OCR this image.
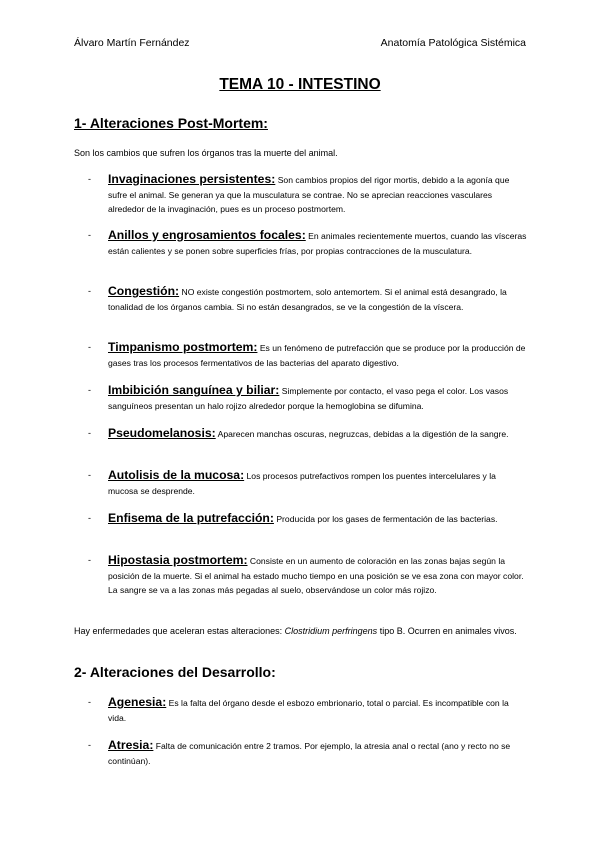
Álvaro Martín Fernández	Anatomía Patológica Sistémica
TEMA 10 - INTESTINO
1- Alteraciones Post-Mortem:
Son los cambios que sufren los órganos tras la muerte del animal.
- Invaginaciones persistentes: Son cambios propios del rigor mortis, debido a la agonía que sufre el animal. Se generan ya que la musculatura se contrae. No se aprecian reacciones vasculares alrededor de la invaginación, pues es un proceso postmortem.
- Anillos y engrosamientos focales: En animales recientemente muertos, cuando las vísceras están calientes y se ponen sobre superficies frías, por propias contracciones de la musculatura.
- Congestión: NO existe congestión postmortem, solo antemortem. Si el animal está desangrado, la tonalidad de los órganos cambia. Si no están desangrados, se ve la congestión de la víscera.
- Timpanismo postmortem: Es un fenómeno de putrefacción que se produce por la producción de gases tras los procesos fermentativos de las bacterias del aparato digestivo.
- Imbibición sanguínea y biliar: Simplemente por contacto, el vaso pega el color. Los vasos sanguíneos presentan un halo rojizo alrededor porque la hemoglobina se difumina.
- Pseudomelanosis: Aparecen manchas oscuras, negruzcas, debidas a la digestión de la sangre.
- Autolisis de la mucosa: Los procesos putrefactivos rompen los puentes intercelulares y la mucosa se desprende.
- Enfisema de la putrefacción: Producida por los gases de fermentación de las bacterias.
- Hipostasia postmortem: Consiste en un aumento de coloración en las zonas bajas según la posición de la muerte. Si el animal ha estado mucho tiempo en una posición se ve esa zona con mayor color. La sangre se va a las zonas más pegadas al suelo, observándose un color más rojizo.
Hay enfermedades que aceleran estas alteraciones: Clostridium perfringens tipo B. Ocurren en animales vivos.
2- Alteraciones del Desarrollo:
- Agenesia: Es la falta del órgano desde el esbozo embrionario, total o parcial. Es incompatible con la vida.
- Atresia: Falta de comunicación entre 2 tramos. Por ejemplo, la atresia anal o rectal (ano y recto no se continúan).
